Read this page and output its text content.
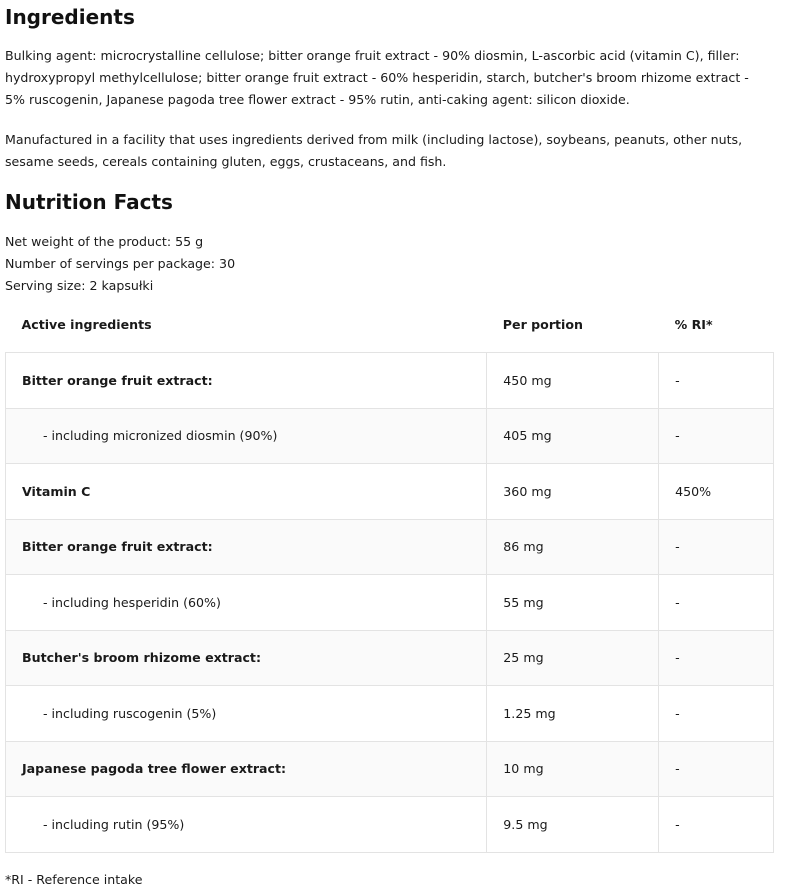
Ingredients

Bulking agent: microcrystalline cellulose; bitter orange fruit extract - 90% diosmin, L-ascorbic acid (vitamin C), filler: hydroxypropyl methylcellulose; bitter orange fruit extract - 60% hesperidin, starch, butcher's broom rhizome extract - 5% ruscogenin, Japanese pagoda tree flower extract - 95% rutin, anti-caking agent: silicon dioxide.

Manufactured in a facility that uses ingredients derived from milk (including lactose), soybeans, peanuts, other nuts, sesame seeds, cereals containing gluten, eggs, crustaceans, and fish.

Nutrition Facts
Net weight of the product: 55 g
Number of servings per package: 30
Serving size: 2 kapsułki
Active ingredients	Per portion	% RI*
Bitter orange fruit extract:	450 mg	-
- including micronized diosmin (90%)	405 mg	-
Vitamin C	360 mg	450%
Bitter orange fruit extract:	86 mg	-
- including hesperidin (60%)	55 mg	-
Butcher's broom rhizome extract:	25 mg	-
- including ruscogenin (5%)	1.25 mg	-
Japanese pagoda tree flower extract:	10 mg	-
- including rutin (95%)	9.5 mg	-
*RI - Reference intake
